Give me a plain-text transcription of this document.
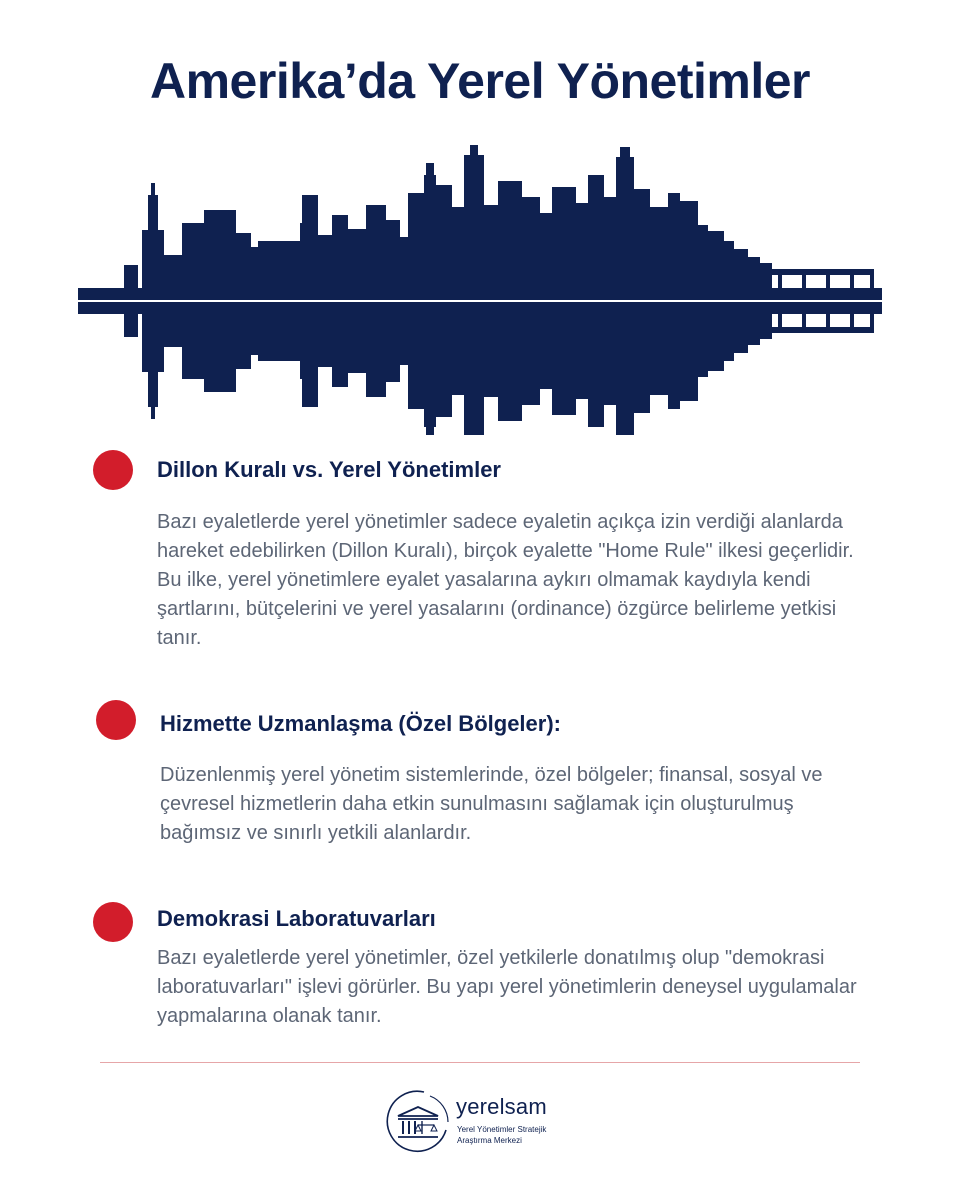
Amerika’da Yerel Yönetimler
Dillon Kuralı vs. Yerel Yönetimler

Bazı eyaletlerde yerel yönetimler sadece eyaletin açıkça izin verdiği alanlarda hareket edebilirken (Dillon Kuralı), birçok eyalette "Home Rule" ilkesi geçerlidir. Bu ilke, yerel yönetimlere eyalet yasalarına aykırı olmamak kaydıyla kendi şartlarını, bütçelerini ve yerel yasalarını (ordinance) özgürce belirleme yetkisi tanır.

Hizmette Uzmanlaşma (Özel Bölgeler):

Düzenlenmiş yerel yönetim sistemlerinde, özel bölgeler; finansal, sosyal ve çevresel hizmetlerin daha etkin sunulmasını sağlamak için oluşturulmuş bağımsız ve sınırlı yetkili alanlardır.

Demokrasi Laboratuvarları

Bazı eyaletlerde yerel yönetimler, özel yetkilerle donatılmış olup "demokrasi laboratuvarları" işlevi görürler. Bu yapı yerel yönetimlerin deneysel uygulamalar yapmalarına olanak tanır.

yerelsam

Yerel Yönetimler Stratejik Araştırma Merkezi
